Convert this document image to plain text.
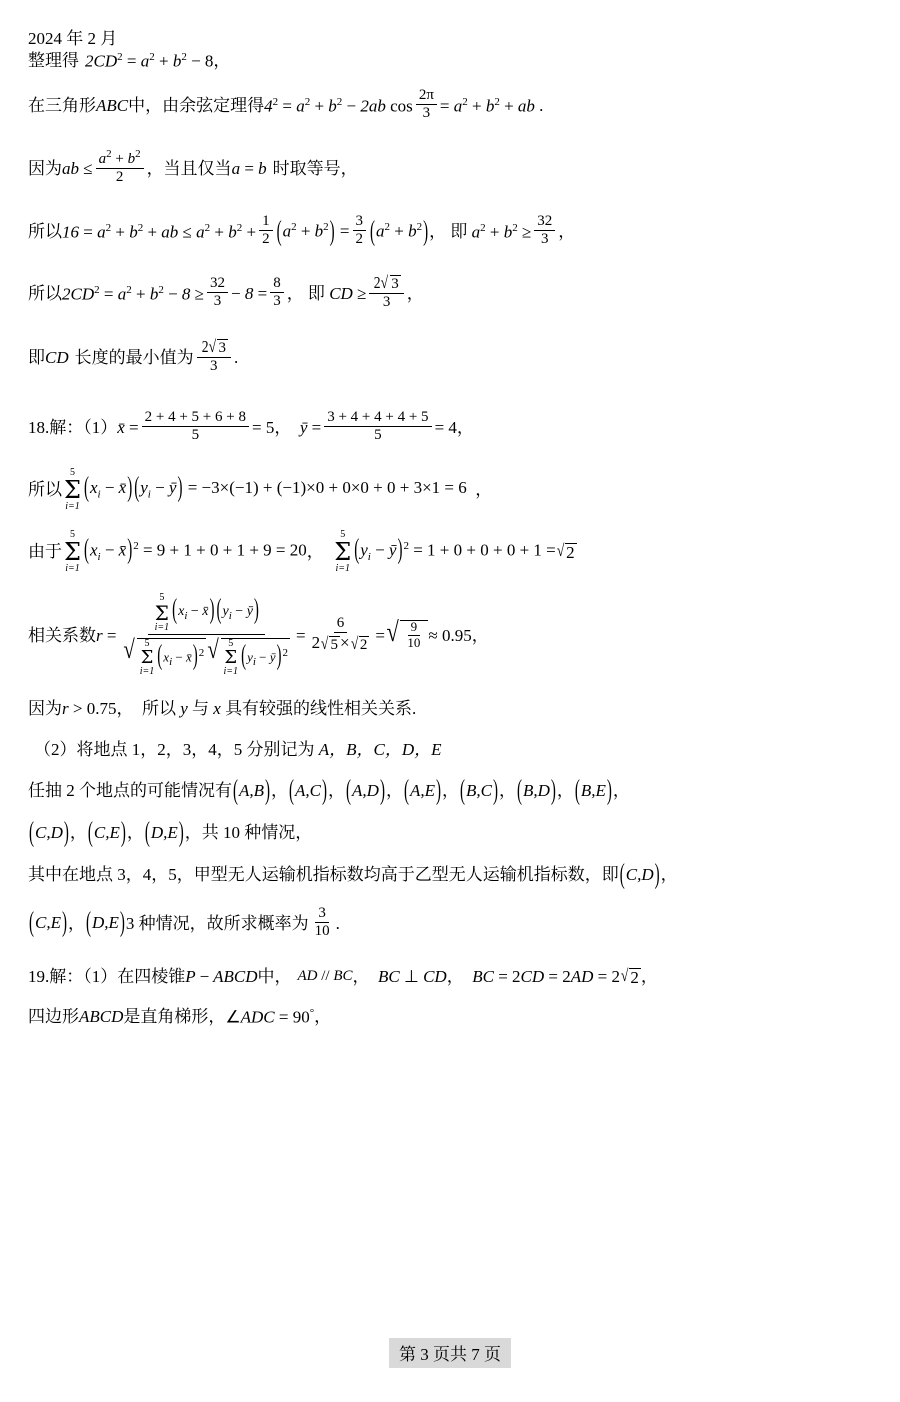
2024 年 2 月
整理得 $2CD^2 = a^2 + b^2 - 8$ ，
在三角形 ABC 中， 由余弦定理得 $4^2 = a^2 + b^2 - 2ab$ $\cos \frac{2\pi}{3} = a^2 + b^2$ + ab .
因为 ab ≤ $\frac{a^2 + b^2}{2}$ ，当且仅当 a = b 时取等号，
所以 $16 = a^2 + b^2$ + ab ≤ $a^2 + b^2 + \frac{1}{2} (a^2 + b^2) = \frac{3}{2} (a^2 + b^2)$ ， 即 $a^2 + b^2 \ge \frac{32}{3}$ ，
所以 $2CD^2 = a^2 + b^2 - 8 \ge \frac{32}{3} - 8 = \frac{8}{3}$ ， 即 CD ≥ $\frac{2√ 3}{3}$ ，
即 CD 长度的最小值为 $\frac{2√ 3}{3}$ .
18.解：（1） x̄ = $\frac{2 + 4 + 5 + 6 + 8}{5} = 5$ ， ȳ = $\frac{3 + 4 + 4 + 4 + 5}{5} = 4$ ，
所以
5
Σ
i=1
($x_i$ − x̄) ($y_i$ − ȳ) = −3×(−1) + (−1)×0 + 0×0 + 0 + 3×1 = 6 ，
由于
5
Σ
i=1
($x_i$ − x̄)$^2$ = 9 + 1 + 0 + 1 + 9 = 20 ，
5
Σ
i=1
($y_i$ − ȳ)$^2$ = 1 + 0 + 0 + 0 + 1 = √ 2
相关系数 r =
5
Σ
i=1
($x_i$ − x̄) ($y_i$ − ȳ)
√ 5
Σ
i=1 ($x_i$ − x̄)$^2$ √ 5
Σ
i=1 ($y_i$ − ȳ)$^2$
= $\frac{6}{2 √ 5 \times √ 2}$ = √ $\frac{9}{10} \approx 0.95$ ，
因为 r > 0.75 ，  所以 y 与 x
具有较强的线性相关关系.
（2）将地点 1，2，3，4，5 分别记为 A，B，C，D，E
任抽 2 个地点的可能情况有 (A,B) ， (A,C) ， (A,D) ， (A,E) ， (B,C) ， (B,D) ， (B,E) ，
(C,D) ， (C,E) ， (D,E) ，共 10 种情况，
其中在地点 3，4，5，甲型无人运输机指标数均高于乙型无人运输机指标数，即 (C,D) ，
(C,E) ， (D,E) 3 种情况，故所求概率为 $\frac{3}{10}$ .
19.解：（1）在四棱锥 P − ABCD 中， AD // BC ， BC ⊥ CD ， BC = 2CD = 2AD = 2 √ 2 ，
四边形 ABCD 是直角梯形， ∠ADC = 90° ，
第 3 页共 7 页
